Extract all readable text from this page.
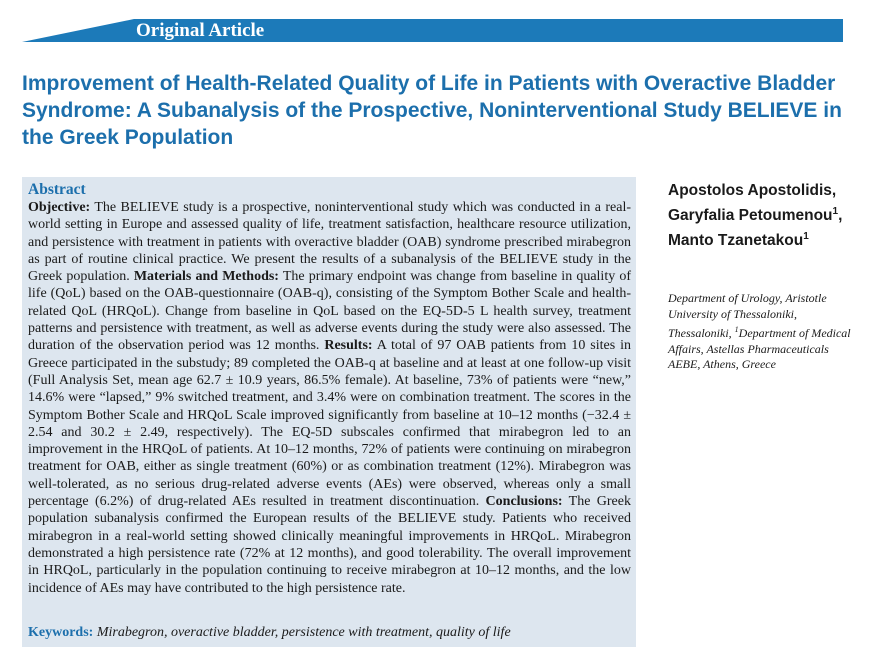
Original Article
Improvement of Health-Related Quality of Life in Patients with Overactive Bladder Syndrome: A Subanalysis of the Prospective, Noninterventional Study BELIEVE in the Greek Population
Abstract

Objective: The BELIEVE study is a prospective, noninterventional study which was conducted in a real-world setting in Europe and assessed quality of life, treatment satisfaction, healthcare resource utilization, and persistence with treatment in patients with overactive bladder (OAB) syndrome prescribed mirabegron as part of routine clinical practice. We present the results of a subanalysis of the BELIEVE study in the Greek population. Materials and Methods: The primary endpoint was change from baseline in quality of life (QoL) based on the OAB-questionnaire (OAB-q), consisting of the Symptom Bother Scale and health-related QoL (HRQoL). Change from baseline in QoL based on the EQ-5D-5 L health survey, treatment patterns and persistence with treatment, as well as adverse events during the study were also assessed. The duration of the observation period was 12 months. Results: A total of 97 OAB patients from 10 sites in Greece participated in the substudy; 89 completed the OAB-q at baseline and at least at one follow-up visit (Full Analysis Set, mean age 62.7 ± 10.9 years, 86.5% female). At baseline, 73% of patients were “new,” 14.6% were “lapsed,” 9% switched treatment, and 3.4% were on combination treatment. The scores in the Symptom Bother Scale and HRQoL Scale improved significantly from baseline at 10–12 months (−32.4 ± 2.54 and 30.2 ± 2.49, respectively). The EQ-5D subscales confirmed that mirabegron led to an improvement in the HRQoL of patients. At 10–12 months, 72% of patients were continuing on mirabegron treatment for OAB, either as single treatment (60%) or as combination treatment (12%). Mirabegron was well-tolerated, as no serious drug-related adverse events (AEs) were observed, whereas only a small percentage (6.2%) of drug-related AEs resulted in treatment discontinuation. Conclusions: The Greek population subanalysis confirmed the European results of the BELIEVE study. Patients who received mirabegron in a real-world setting showed clinically meaningful improvements in HRQoL. Mirabegron demonstrated a high persistence rate (72% at 12 months), and good tolerability. The overall improvement in HRQoL, particularly in the population continuing to receive mirabegron at 10–12 months, and the low incidence of AEs may have contributed to the high persistence rate.

Keywords: Mirabegron, overactive bladder, persistence with treatment, quality of life
Apostolos Apostolidis,
Garyfalia Petoumenou$^1$,
Manto Tzanetakou$^1$

Department of Urology, Aristotle University of Thessaloniki, Thessaloniki, $^1$Department of Medical Affairs, Astellas Pharmaceuticals AEBE, Athens, Greece
